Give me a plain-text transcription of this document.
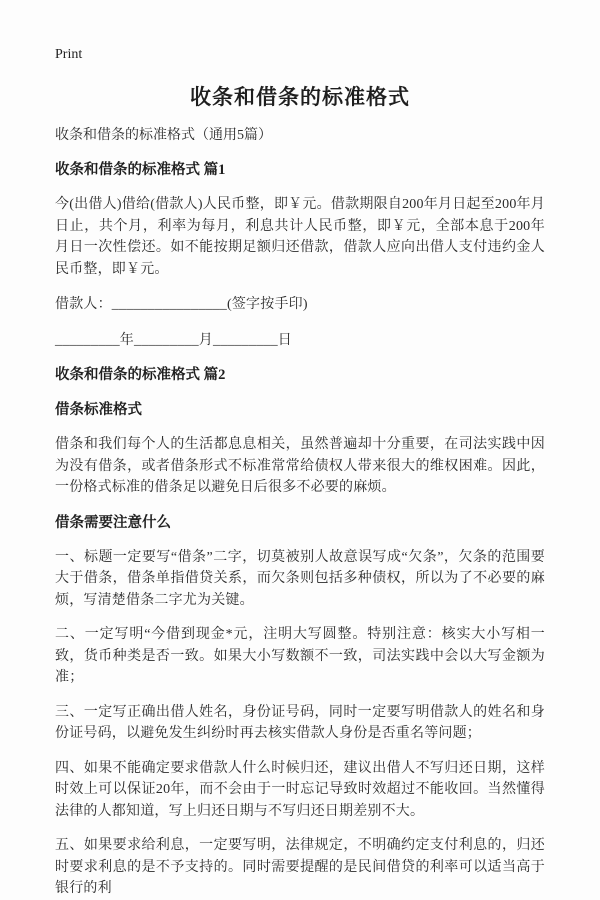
Print
收条和借条的标准格式

收条和借条的标准格式（通用5篇）

收条和借条的标准格式 篇1

今(出借人)借给(借款人)人民币整，即￥元。借款期限自200年月日起至200年月日止，共个月，利率为每月，利息共计人民币整，即￥元，全部本息于200年月日一次性偿还。如不能按期足额归还借款，借款人应向出借人支付违约金人民币整，即￥元。

借款人：________________(签字按手印)

_________年_________月_________日

收条和借条的标准格式 篇2
借条标准格式

借条和我们每个人的生活都息息相关，虽然普遍却十分重要，在司法实践中因为没有借条，或者借条形式不标准常常给债权人带来很大的维权困难。因此，一份格式标准的借条足以避免日后很多不必要的麻烦。

借条需要注意什么

一、标题一定要写“借条”二字，切莫被别人故意误写成“欠条”，欠条的范围要大于借条，借条单指借贷关系，而欠条则包括多种债权，所以为了不必要的麻烦，写清楚借条二字尤为关键。

二、一定写明“今借到现金*元，注明大写圆整。特别注意：核实大小写相一致，货币种类是否一致。如果大小写数额不一致，司法实践中会以大写金额为准；

三、一定写正确出借人姓名，身份证号码，同时一定要写明借款人的姓名和身份证号码，以避免发生纠纷时再去核实借款人身份是否重名等问题；

四、如果不能确定要求借款人什么时候归还，建议出借人不写归还日期，这样时效上可以保证20年，而不会由于一时忘记导致时效超过不能收回。当然懂得法律的人都知道，写上归还日期与不写归还日期差别不大。

五、如果要求给利息，一定要写明，法律规定，不明确约定支付利息的，归还时要求利息的是不予支持的。同时需要提醒的是民间借贷的利率可以适当高于银行的利
